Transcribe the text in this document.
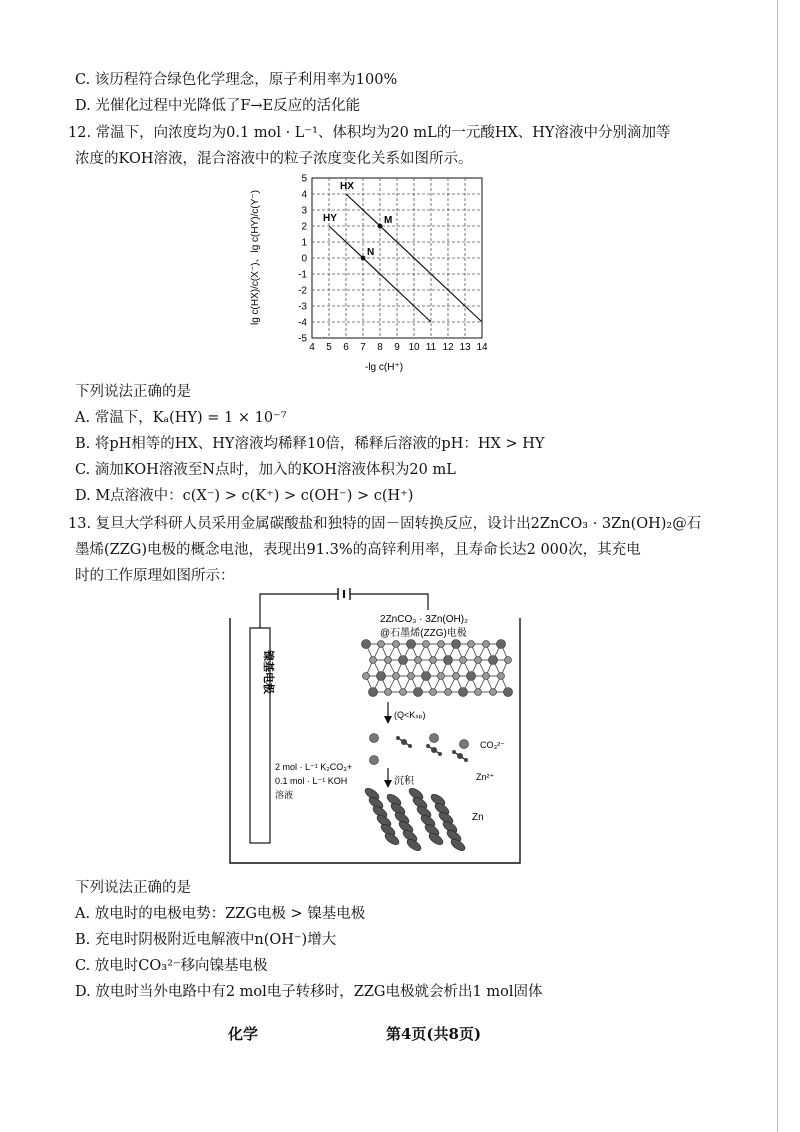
C. 该历程符合绿色化学理念，原子利用率为100%
D. 光催化过程中光降低了F→E反应的活化能
12. 常温下，向浓度均为0.1 mol · L⁻¹、体积均为20 mL的一元酸HX、HY溶液中分别滴加等
浓度的KOH溶液，混合溶液中的粒子浓度变化关系如图所示。
HX
HY	M
N
4 5 6 7 8 9 10 11 12 13 14
5
4
3
2
1
0
-1
-2
-3
-4
-5
-lg c(H⁺)
lg c(HX)/c(X⁻)、lg c(HY)/c(Y⁻)
下列说法正确的是
A. 常温下，Kₐ(HY) = 1 × 10⁻⁷
B. 将pH相等的HX、HY溶液均稀释10倍，稀释后溶液的pH：HX > HY
C. 滴加KOH溶液至N点时，加入的KOH溶液体积为20 mL
D. M点溶液中：c(X⁻) > c(K⁺) > c(OH⁻) > c(H⁺)
13. 复旦大学科研人员采用金属碳酸盐和独特的固－固转换反应，设计出2ZnCO₃ · 3Zn(OH)₂@石
墨烯(ZZG)电极的概念电池，表现出91.3%的高锌利用率，且寿命长达2 000次，其充电
时的工作原理如图所示：
镍基电极
2ZnCO₃ · 3Zn(OH)₂
@石墨烯(ZZG)电极
(Q<Kₛₚ)
CO₃²⁻
Zn²⁺
2 mol · L⁻¹ K₂CO₃+
0.1 mol · L⁻¹ KOH
溶液
沉积
Zn
下列说法正确的是
A. 放电时的电极电势：ZZG电极 > 镍基电极
B. 充电时阴极附近电解液中n(OH⁻)增大
C. 放电时CO₃²⁻移向镍基电极
D. 放电时当外电路中有2 mol电子转移时，ZZG电极就会析出1 mol固体
化学	第4页(共8页)
